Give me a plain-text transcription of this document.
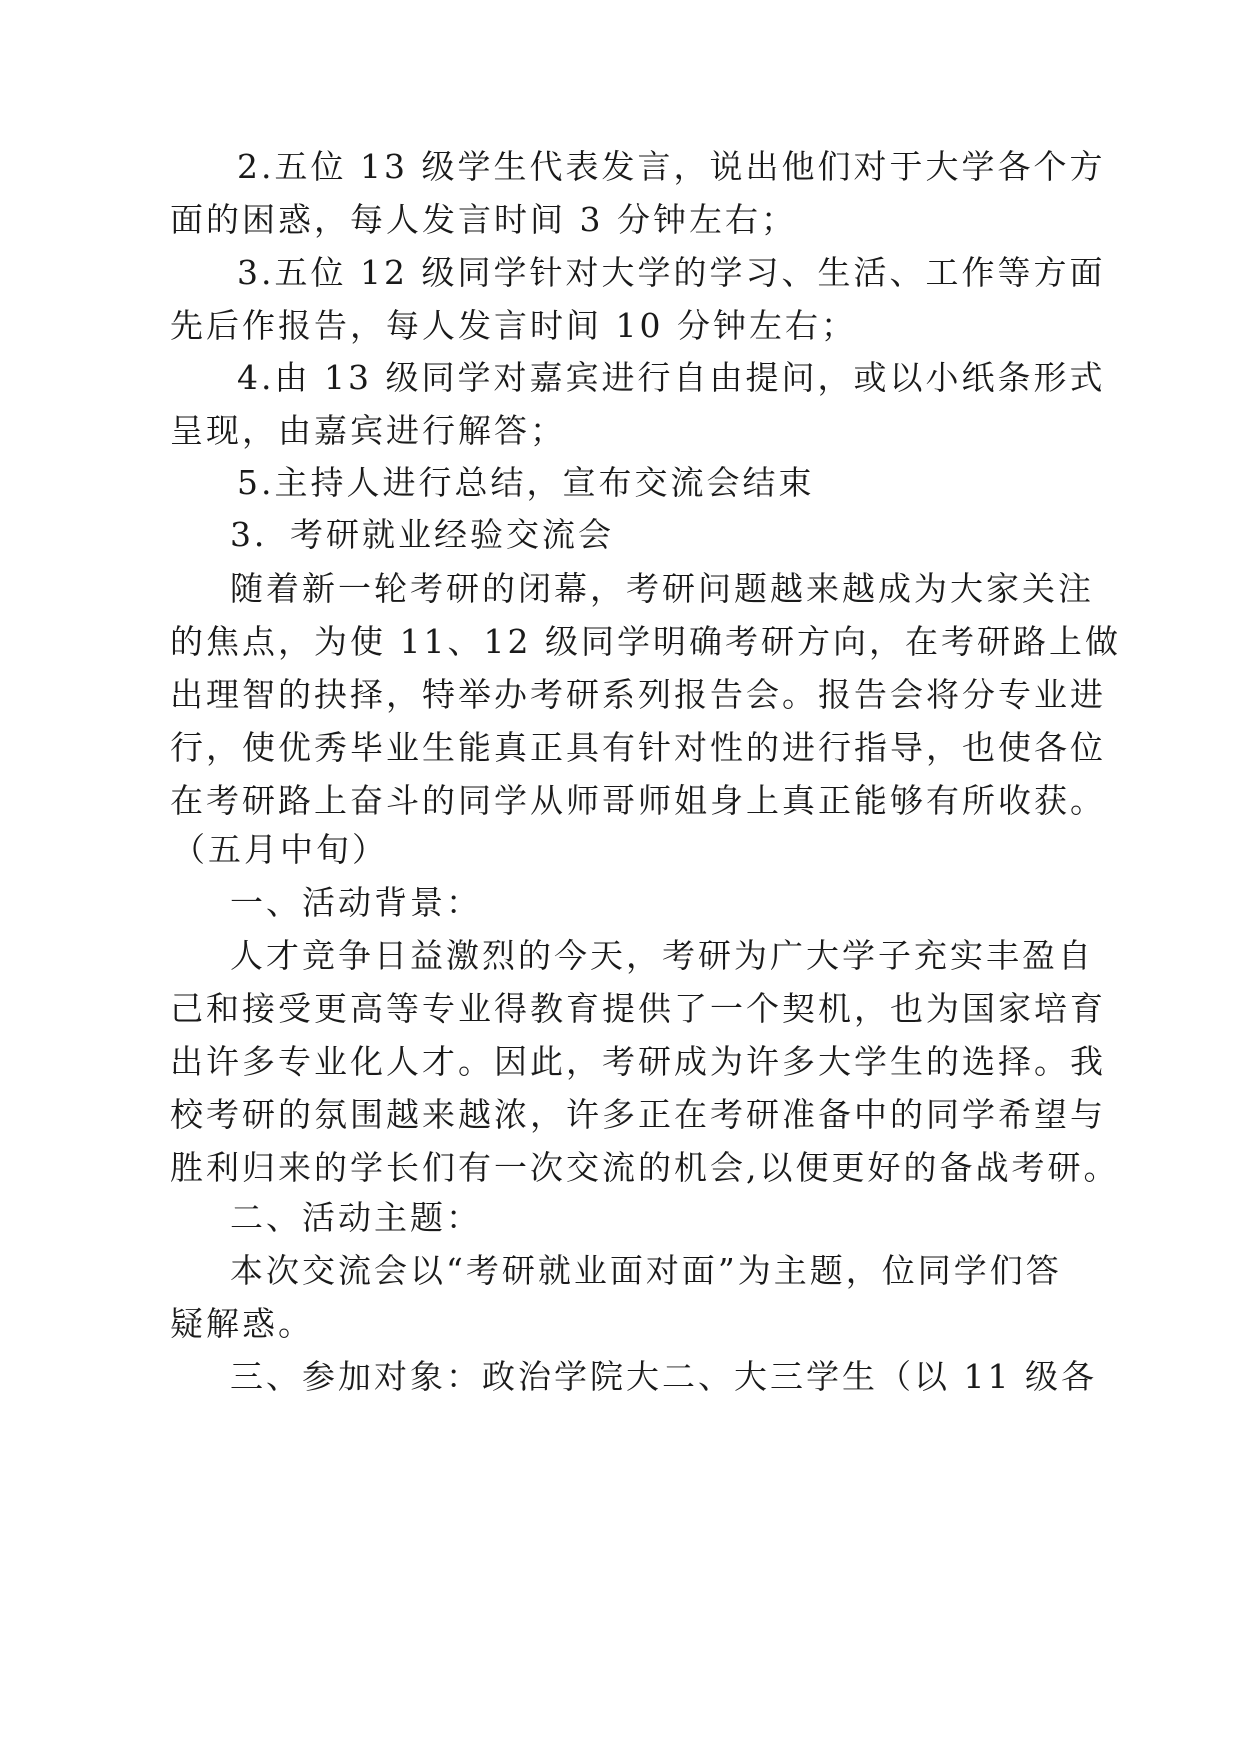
2.五位 13 级学生代表发言，说出他们对于大学各个方
面的困惑，每人发言时间 3 分钟左右；
3.五位 12 级同学针对大学的学习、生活、工作等方面
先后作报告，每人发言时间 10 分钟左右；
4.由 13 级同学对嘉宾进行自由提问，或以小纸条形式
呈现，由嘉宾进行解答；
5.主持人进行总结，宣布交流会结束
3．考研就业经验交流会
随着新一轮考研的闭幕，考研问题越来越成为大家关注
的焦点，为使 11、12 级同学明确考研方向，在考研路上做
出理智的抉择，特举办考研系列报告会。报告会将分专业进
行，使优秀毕业生能真正具有针对性的进行指导，也使各位
在考研路上奋斗的同学从师哥师姐身上真正能够有所收获。
（五月中旬）
一、活动背景：
人才竞争日益激烈的今天，考研为广大学子充实丰盈自
己和接受更高等专业得教育提供了一个契机，也为国家培育
出许多专业化人才。因此，考研成为许多大学生的选择。我
校考研的氛围越来越浓，许多正在考研准备中的同学希望与
胜利归来的学长们有一次交流的机会,以便更好的备战考研。
二、活动主题：
本次交流会以“考研就业面对面”为主题，位同学们答
疑解惑。
三、参加对象：政治学院大二、大三学生（以 11 级各
